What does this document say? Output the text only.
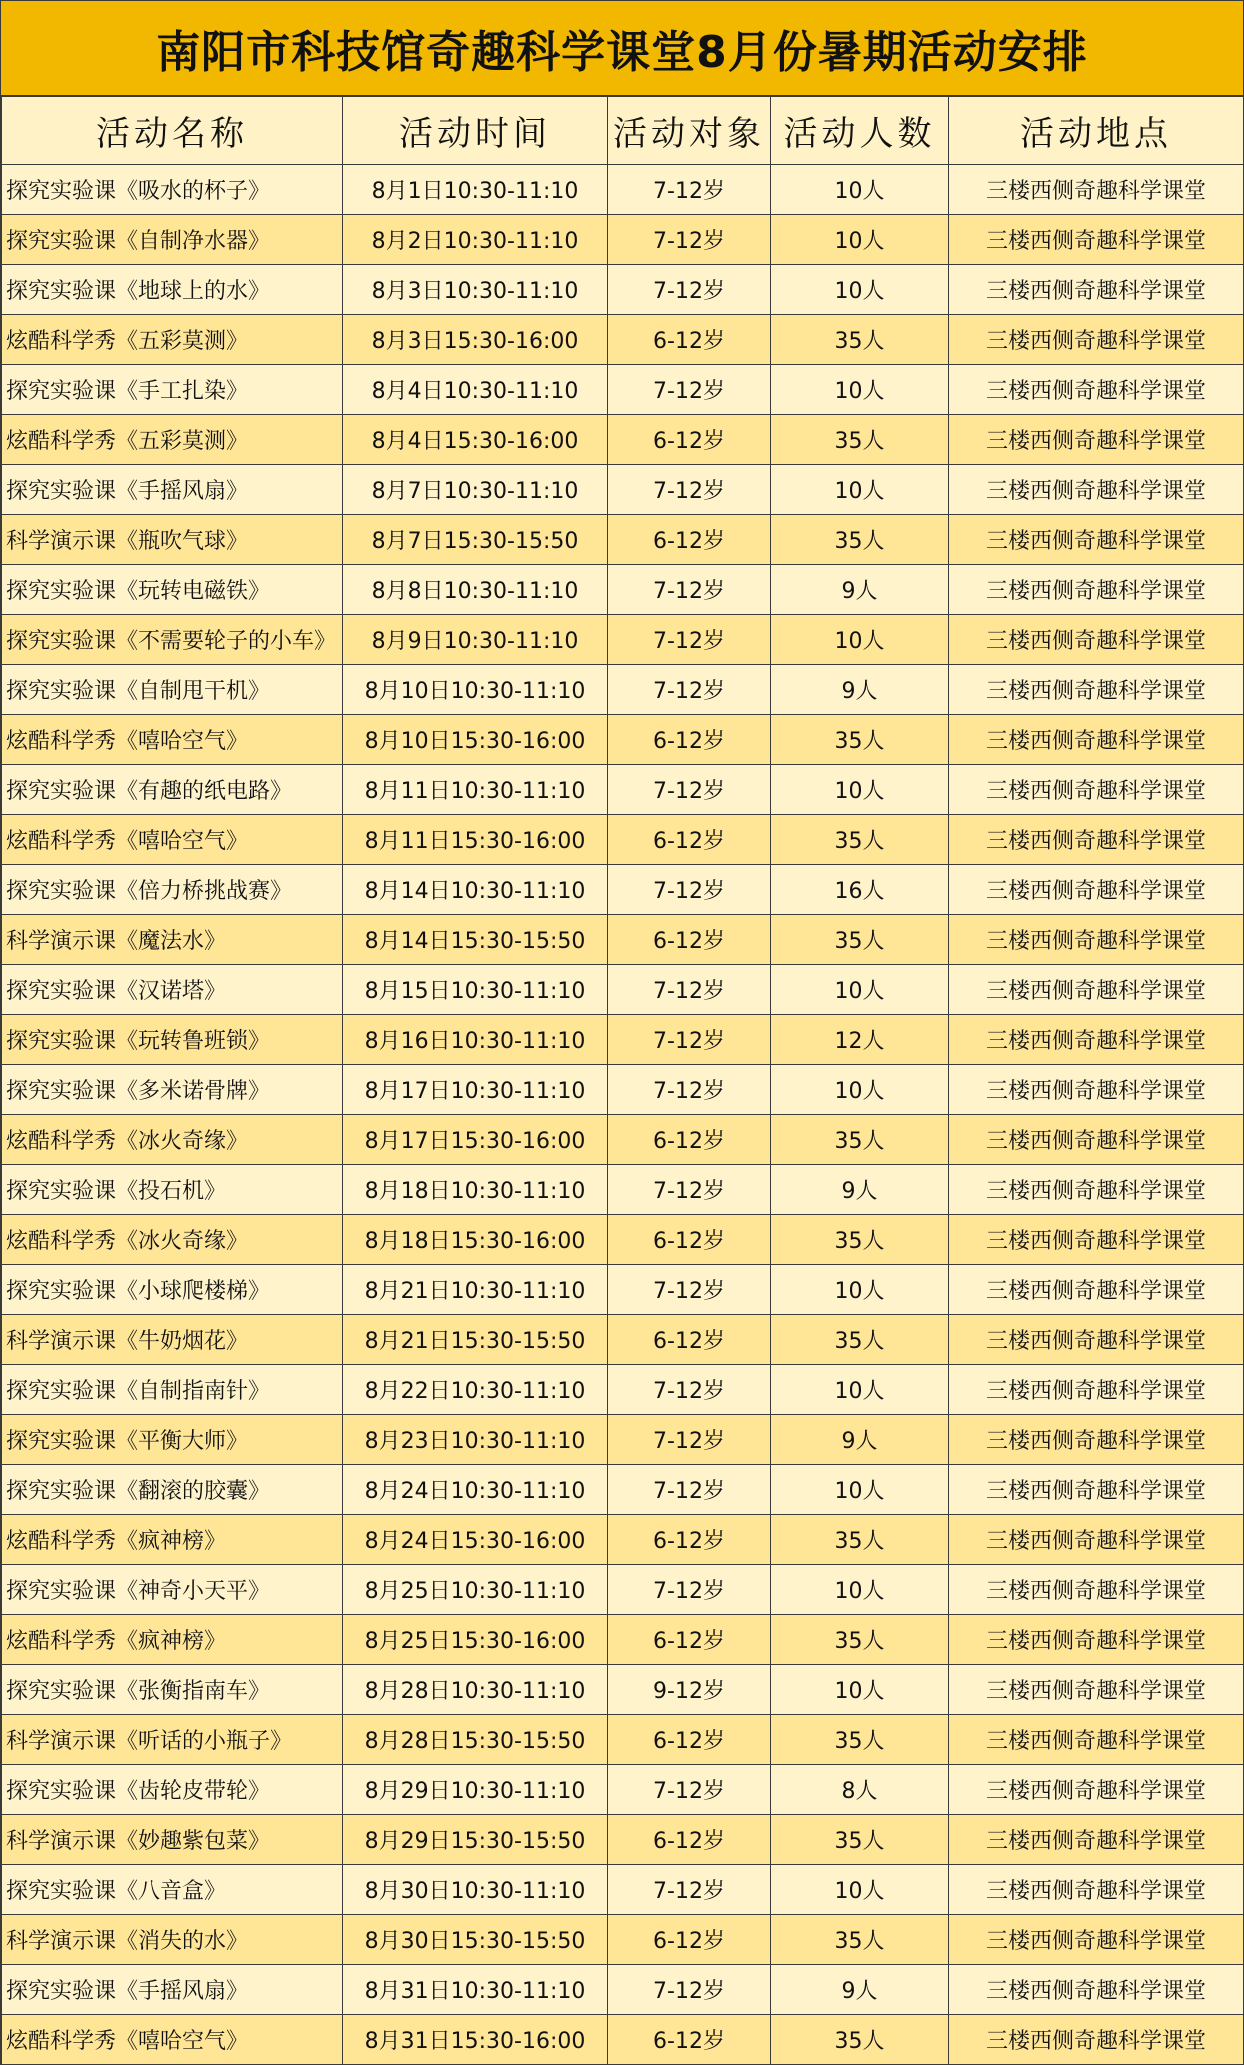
南阳市科技馆奇趣科学课堂8月份暑期活动安排
活动名称	活动时间	活动对象	活动人数	活动地点
探究实验课《吸水的杯子》	8月1日10:30-11:10	7-12岁	10人	三楼西侧奇趣科学课堂
探究实验课《自制净水器》	8月2日10:30-11:10	7-12岁	10人	三楼西侧奇趣科学课堂
探究实验课《地球上的水》	8月3日10:30-11:10	7-12岁	10人	三楼西侧奇趣科学课堂
炫酷科学秀《五彩莫测》	8月3日15:30-16:00	6-12岁	35人	三楼西侧奇趣科学课堂
探究实验课《手工扎染》	8月4日10:30-11:10	7-12岁	10人	三楼西侧奇趣科学课堂
炫酷科学秀《五彩莫测》	8月4日15:30-16:00	6-12岁	35人	三楼西侧奇趣科学课堂
探究实验课《手摇风扇》	8月7日10:30-11:10	7-12岁	10人	三楼西侧奇趣科学课堂
科学演示课《瓶吹气球》	8月7日15:30-15:50	6-12岁	35人	三楼西侧奇趣科学课堂
探究实验课《玩转电磁铁》	8月8日10:30-11:10	7-12岁	9人	三楼西侧奇趣科学课堂
探究实验课《不需要轮子的小车》	8月9日10:30-11:10	7-12岁	10人	三楼西侧奇趣科学课堂
探究实验课《自制甩干机》	8月10日10:30-11:10	7-12岁	9人	三楼西侧奇趣科学课堂
炫酷科学秀《嘻哈空气》	8月10日15:30-16:00	6-12岁	35人	三楼西侧奇趣科学课堂
探究实验课《有趣的纸电路》	8月11日10:30-11:10	7-12岁	10人	三楼西侧奇趣科学课堂
炫酷科学秀《嘻哈空气》	8月11日15:30-16:00	6-12岁	35人	三楼西侧奇趣科学课堂
探究实验课《倍力桥挑战赛》	8月14日10:30-11:10	7-12岁	16人	三楼西侧奇趣科学课堂
科学演示课《魔法水》	8月14日15:30-15:50	6-12岁	35人	三楼西侧奇趣科学课堂
探究实验课《汉诺塔》	8月15日10:30-11:10	7-12岁	10人	三楼西侧奇趣科学课堂
探究实验课《玩转鲁班锁》	8月16日10:30-11:10	7-12岁	12人	三楼西侧奇趣科学课堂
探究实验课《多米诺骨牌》	8月17日10:30-11:10	7-12岁	10人	三楼西侧奇趣科学课堂
炫酷科学秀《冰火奇缘》	8月17日15:30-16:00	6-12岁	35人	三楼西侧奇趣科学课堂
探究实验课《投石机》	8月18日10:30-11:10	7-12岁	9人	三楼西侧奇趣科学课堂
炫酷科学秀《冰火奇缘》	8月18日15:30-16:00	6-12岁	35人	三楼西侧奇趣科学课堂
探究实验课《小球爬楼梯》	8月21日10:30-11:10	7-12岁	10人	三楼西侧奇趣科学课堂
科学演示课《牛奶烟花》	8月21日15:30-15:50	6-12岁	35人	三楼西侧奇趣科学课堂
探究实验课《自制指南针》	8月22日10:30-11:10	7-12岁	10人	三楼西侧奇趣科学课堂
探究实验课《平衡大师》	8月23日10:30-11:10	7-12岁	9人	三楼西侧奇趣科学课堂
探究实验课《翻滚的胶囊》	8月24日10:30-11:10	7-12岁	10人	三楼西侧奇趣科学课堂
炫酷科学秀《疯神榜》	8月24日15:30-16:00	6-12岁	35人	三楼西侧奇趣科学课堂
探究实验课《神奇小天平》	8月25日10:30-11:10	7-12岁	10人	三楼西侧奇趣科学课堂
炫酷科学秀《疯神榜》	8月25日15:30-16:00	6-12岁	35人	三楼西侧奇趣科学课堂
探究实验课《张衡指南车》	8月28日10:30-11:10	9-12岁	10人	三楼西侧奇趣科学课堂
科学演示课《听话的小瓶子》	8月28日15:30-15:50	6-12岁	35人	三楼西侧奇趣科学课堂
探究实验课《齿轮皮带轮》	8月29日10:30-11:10	7-12岁	8人	三楼西侧奇趣科学课堂
科学演示课《妙趣紫包菜》	8月29日15:30-15:50	6-12岁	35人	三楼西侧奇趣科学课堂
探究实验课《八音盒》	8月30日10:30-11:10	7-12岁	10人	三楼西侧奇趣科学课堂
科学演示课《消失的水》	8月30日15:30-15:50	6-12岁	35人	三楼西侧奇趣科学课堂
探究实验课《手摇风扇》	8月31日10:30-11:10	7-12岁	9人	三楼西侧奇趣科学课堂
炫酷科学秀《嘻哈空气》	8月31日15:30-16:00	6-12岁	35人	三楼西侧奇趣科学课堂
